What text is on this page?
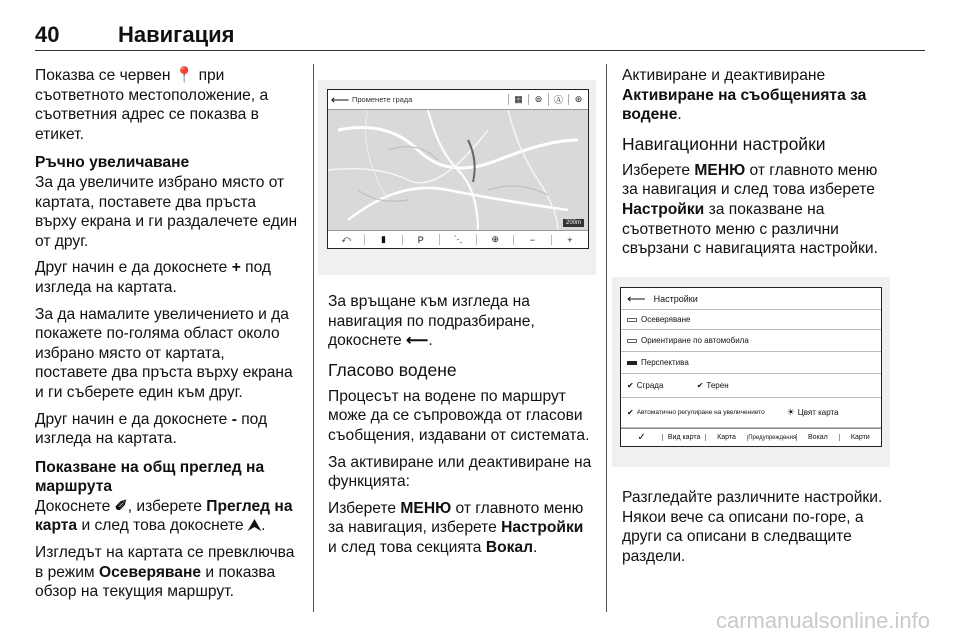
40	Навигация

Показва се червен 📍 при съответното местоположение, а съответния адрес се показва в етикет.

Ръчно увеличаване

За да увеличите избрано място от картата, поставете два пръста върху екрана и ги раздалечете един от друг.

Друг начин е да докоснете + под изгледа на картата.

За да намалите увеличението и да покажете по-голяма област около избрано място от картата, поставете два пръста върху екрана и ги съберете един към друг.

Друг начин е да докоснете - под изгледа на картата.

Показване на общ преглед на маршрута

Докоснете ✐, изберете Преглед на карта и след това докоснете ⮝.

Изгледът на картата се превключва в режим Осеверяване и показва обзор на текущия маршрут.

⟵ Променете града	▦	⊜	Ⓐ	⊛
200m
⤺	▮	P	⋱	⊕	−	+

За връщане към изгледа на навигация по подразбиране, докоснете ⟵.

Гласово водене

Процесът на водене по маршрут може да се съпровожда от гласови съобщения, издавани от системата.

За активиране или деактивиране на функцията:

Изберете МЕНЮ от главното меню за навигация, изберете Настройки и след това секцията Вокал.

Активиране и деактивиране
Активиране на съобщенията за водене.

Навигационни настройки

Изберете МЕНЮ от главното меню за навигация и след това изберете Настройки за показване на съответното меню с различни свързани с навигацията настройки.

⟵ Настройки
Осеверяване
Ориентиране по автомобила
Перспектива
✔ Сграда	✔ Терен
✔ Автоматично регулиране на увеличението	☀ Цвят карта
✓	Вид карта	Карта	Предупреждения	Вокал	Карти

Разгледайте различните настройки. Някои вече са описани по-горе, а други са описани в следващите раздели.

carmanualsonline.info
